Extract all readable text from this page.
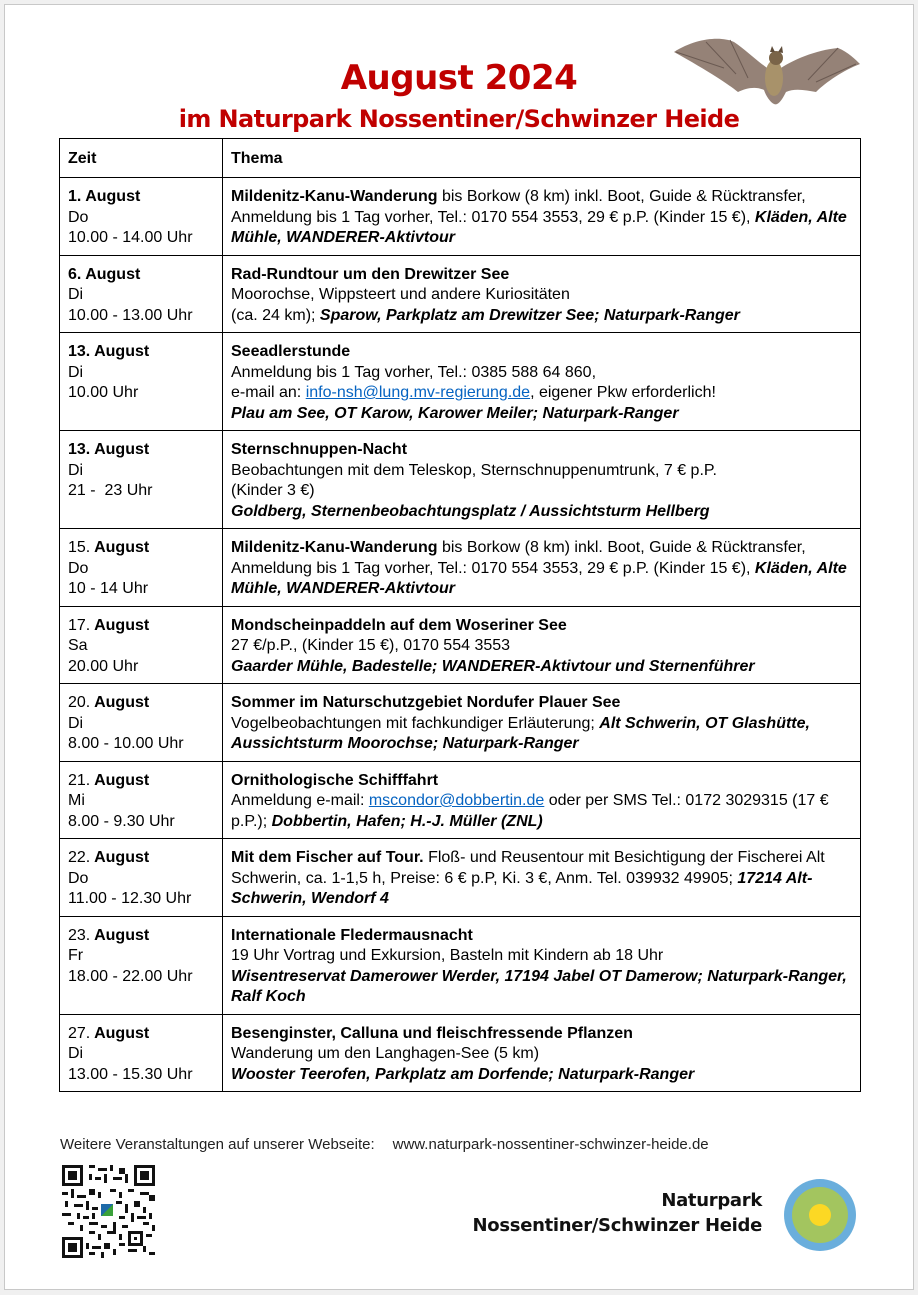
August 2024
im Naturpark Nossentiner/Schwinzer Heide
Zeit	Thema
1. August
Do
10.00 - 14.00 Uhr	Mildenitz-Kanu-Wanderung bis Borkow (8 km) inkl. Boot, Guide & Rücktransfer, Anmeldung bis 1 Tag vorher, Tel.: 0170 554 3553, 29 € p.P. (Kinder 15 €), Kläden, Alte Mühle, WANDERER-Aktivtour
6. August
Di
10.00 - 13.00 Uhr	Rad-Rundtour um den Drewitzer See
Moorochse, Wippsteert und andere Kuriositäten
(ca. 24 km); Sparow, Parkplatz am Drewitzer See; Naturpark-Ranger
13. August
Di
10.00 Uhr	Seeadlerstunde
Anmeldung bis 1 Tag vorher, Tel.: 0385 588 64 860,
e-mail an: info-nsh@lung.mv-regierung.de, eigener Pkw erforderlich!
Plau am See, OT Karow, Karower Meiler; Naturpark-Ranger
13. August
Di
21 -  23 Uhr	Sternschnuppen-Nacht
Beobachtungen mit dem Teleskop, Sternschnuppenumtrunk, 7 € p.P.
(Kinder 3 €)
Goldberg, Sternenbeobachtungsplatz / Aussichtsturm Hellberg
15. August
Do
10 - 14 Uhr	Mildenitz-Kanu-Wanderung bis Borkow (8 km) inkl. Boot, Guide & Rücktransfer, Anmeldung bis 1 Tag vorher, Tel.: 0170 554 3553, 29 € p.P. (Kinder 15 €), Kläden, Alte Mühle, WANDERER-Aktivtour
17. August
Sa
20.00 Uhr	Mondscheinpaddeln auf dem Woseriner See
27 €/p.P., (Kinder 15 €), 0170 554 3553
Gaarder Mühle, Badestelle; WANDERER-Aktivtour und Sternenführer
20. August
Di
8.00 - 10.00 Uhr	Sommer im Naturschutzgebiet Nordufer Plauer See
Vogelbeobachtungen mit fachkundiger Erläuterung; Alt Schwerin, OT Glashütte, Aussichtsturm Moorochse; Naturpark-Ranger
21. August
Mi
8.00 - 9.30 Uhr	Ornithologische Schifffahrt
Anmeldung e-mail: mscondor@dobbertin.de oder per SMS Tel.: 0172 3029315 (17 € p.P.); Dobbertin, Hafen; H.-J. Müller (ZNL)
22. August
Do
11.00 - 12.30 Uhr	Mit dem Fischer auf Tour. Floß- und Reusentour mit Besichtigung der Fischerei Alt Schwerin, ca. 1-1,5 h, Preise: 6 € p.P, Ki. 3 €, Anm. Tel. 039932 49905; 17214 Alt-Schwerin, Wendorf 4
23. August
Fr
18.00 - 22.00 Uhr	Internationale Fledermausnacht
19 Uhr Vortrag und Exkursion, Basteln mit Kindern ab 18 Uhr
Wisentreservat Damerower Werder, 17194 Jabel OT Damerow; Naturpark-Ranger, Ralf Koch
27. August
Di
13.00 - 15.30 Uhr	Besenginster, Calluna und fleischfressende Pflanzen
Wanderung um den Langhagen-See (5 km)
Wooster Teerofen, Parkplatz am Dorfende; Naturpark-Ranger
Weitere Veranstaltungen auf unserer Webseite: www.naturpark-nossentiner-schwinzer-heide.de
Naturpark
Nossentiner/Schwinzer Heide
